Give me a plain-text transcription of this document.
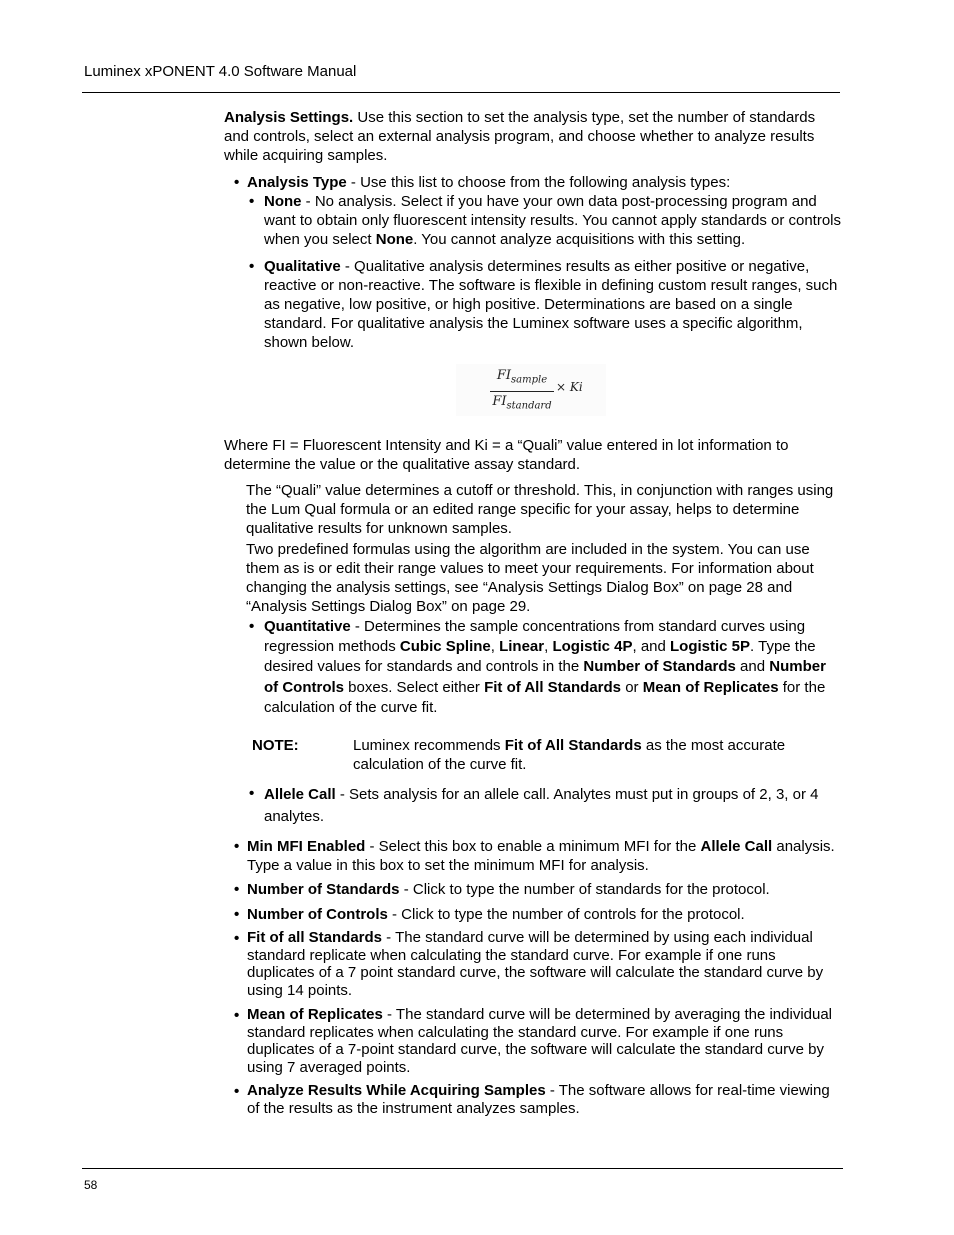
Luminex xPONENT 4.0 Software Manual
Analysis Settings. Use this section to set the analysis type, set the number of standards and controls, select an external analysis program, and choose whether to analyze results while acquiring samples.
• Analysis Type - Use this list to choose from the following analysis types:
• None - No analysis. Select if you have your own data post-processing program and want to obtain only fluorescent intensity results. You cannot apply standards or controls when you select None. You cannot analyze acquisitions with this setting.
• Qualitative - Qualitative analysis determines results as either positive or negative, reactive or non-reactive. The software is flexible in defining custom result ranges, such as negative, low positive, or high positive. Determinations are based on a single standard. For qualitative analysis the Luminex software uses a specific algorithm, shown below.
$FI_{sample}$
$FI_{standard}$
× Ki
Where FI = Fluorescent Intensity and Ki = a “Quali” value entered in lot information to determine the value or the qualitative assay standard.
The “Quali” value determines a cutoff or threshold. This, in conjunction with ranges using the Lum Qual formula or an edited range specific for your assay, helps to determine qualitative results for unknown samples.
Two predefined formulas using the algorithm are included in the system. You can use them as is or edit their range values to meet your requirements. For information about changing the analysis settings, see “Analysis Settings Dialog Box” on page 28 and “Analysis Settings Dialog Box” on page 29.
• Quantitative - Determines the sample concentrations from standard curves using regression methods Cubic Spline, Linear, Logistic 4P, and Logistic 5P. Type the desired values for standards and controls in the Number of Standards and Number of Controls boxes. Select either Fit of All Standards or Mean of Replicates for the calculation of the curve fit.
NOTE:	Luminex recommends Fit of All Standards as the most accurate calculation of the curve fit.
• Allele Call - Sets analysis for an allele call. Analytes must put in groups of 2, 3, or 4 analytes.
• Min MFI Enabled - Select this box to enable a minimum MFI for the Allele Call analysis. Type a value in this box to set the minimum MFI for analysis.
• Number of Standards - Click to type the number of standards for the protocol.
• Number of Controls - Click to type the number of controls for the protocol.
• Fit of all Standards - The standard curve will be determined by using each individual standard replicate when calculating the standard curve. For example if one runs duplicates of a 7 point standard curve, the software will calculate the standard curve by using 14 points.
• Mean of Replicates - The standard curve will be determined by averaging the individual standard replicates when calculating the standard curve. For example if one runs duplicates of a 7-point standard curve, the software will calculate the standard curve by using 7 averaged points.
• Analyze Results While Acquiring Samples - The software allows for real-time viewing of the results as the instrument analyzes samples.
58
